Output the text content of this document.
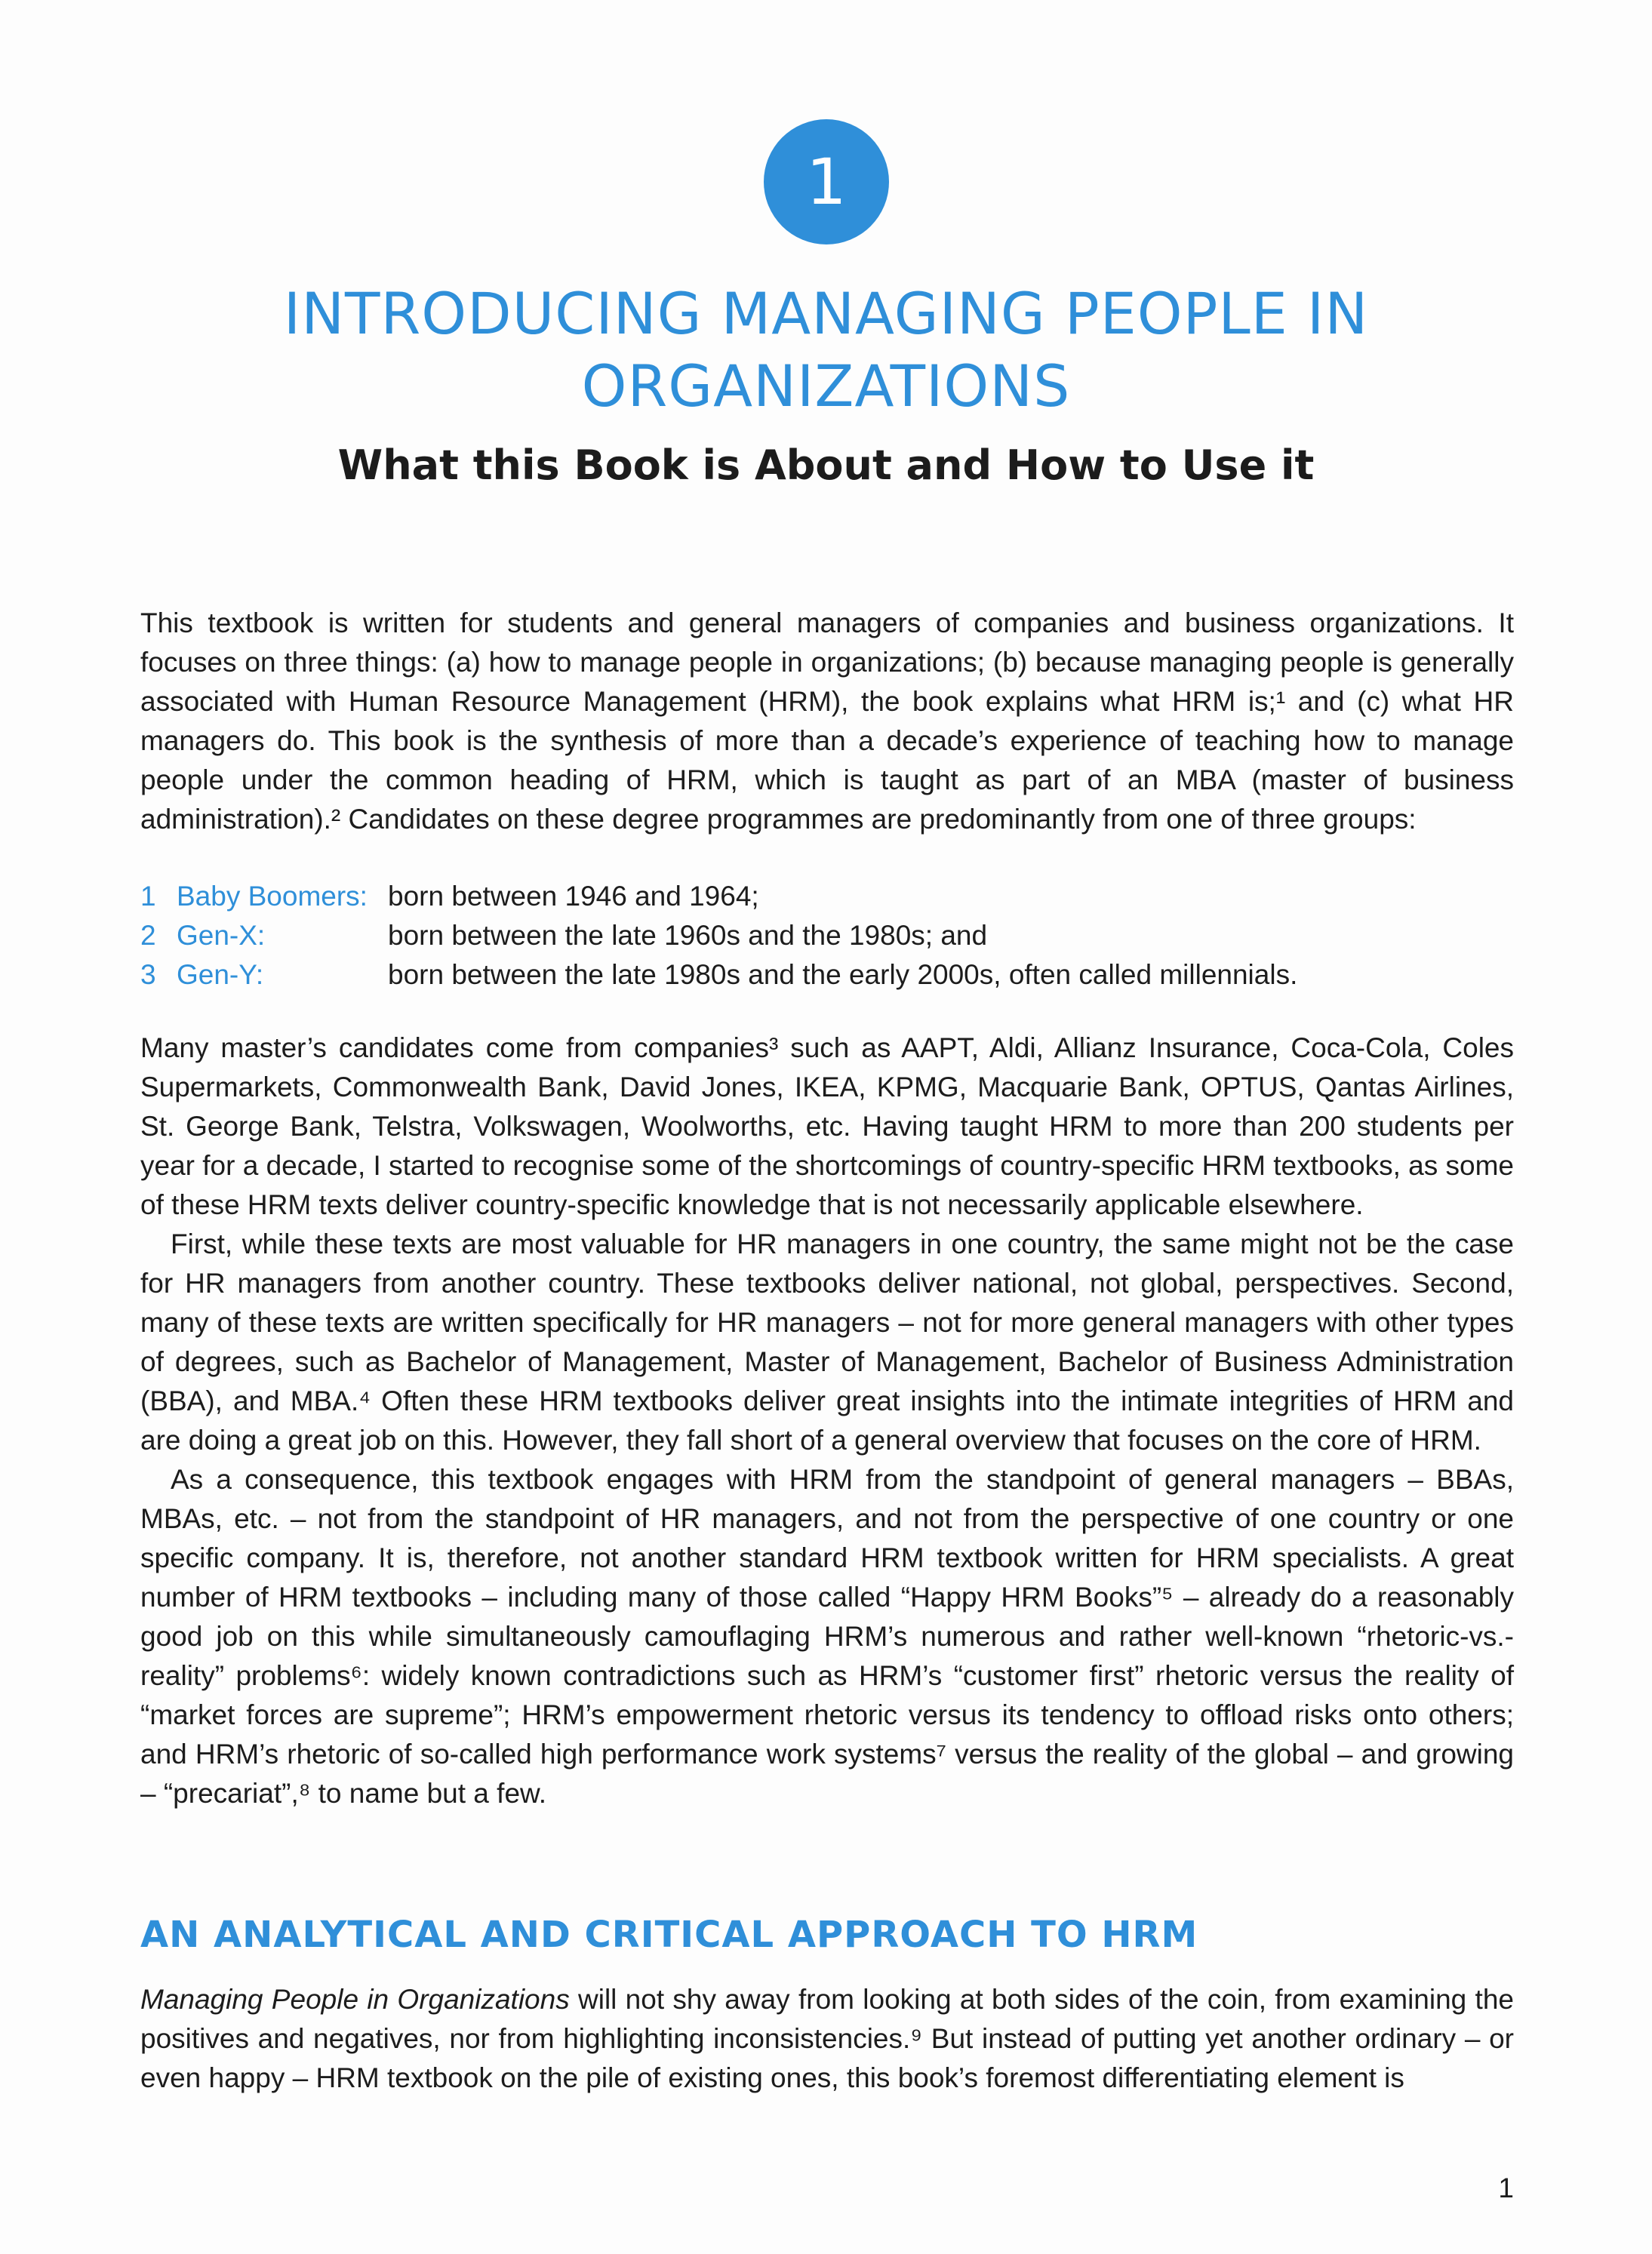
1
INTRODUCING MANAGING PEOPLE IN ORGANIZATIONS
What this Book is About and How to Use it

This textbook is written for students and general managers of companies and business organizations. It focuses on three things: (a) how to manage people in organizations; (b) because managing people is generally associated with Human Resource Management (HRM), the book explains what HRM is;¹ and (c) what HR managers do. This book is the synthesis of more than a decade’s experience of teaching how to manage people under the common heading of HRM, which is taught as part of an MBA (master of business administration).² Candidates on these degree programmes are predominantly from one of three groups:

1 Baby Boomers: born between 1946 and 1964;
2 Gen-X:	born between the late 1960s and the 1980s; and
3 Gen-Y:	born between the late 1980s and the early 2000s, often called millennials.

Many master’s candidates come from companies³ such as AAPT, Aldi, Allianz Insurance, Coca-Cola, Coles Supermarkets, Commonwealth Bank, David Jones, IKEA, KPMG, Macquarie Bank, OPTUS, Qantas Airlines, St. George Bank, Telstra, Volkswagen, Woolworths, etc. Having taught HRM to more than 200 students per year for a decade, I started to recognise some of the shortcomings of country-specific HRM textbooks, as some of these HRM texts deliver country-specific knowledge that is not necessarily applicable elsewhere.

First, while these texts are most valuable for HR managers in one country, the same might not be the case for HR managers from another country. These textbooks deliver national, not global, perspectives. Second, many of these texts are written specifically for HR managers – not for more general managers with other types of degrees, such as Bachelor of Management, Master of Management, Bachelor of Business Administration (BBA), and MBA.⁴ Often these HRM textbooks deliver great insights into the intimate integrities of HRM and are doing a great job on this. However, they fall short of a general overview that focuses on the core of HRM.

As a consequence, this textbook engages with HRM from the standpoint of general managers – BBAs, MBAs, etc. – not from the standpoint of HR managers, and not from the perspective of one country or one specific company. It is, therefore, not another standard HRM textbook written for HRM specialists. A great number of HRM textbooks – including many of those called “Happy HRM Books”⁵ – already do a reasonably good job on this while simultaneously camouflaging HRM’s numerous and rather well-known “rhetoric-vs.-reality” problems⁶: widely known contradictions such as HRM’s “customer first” rhetoric versus the reality of “market forces are supreme”; HRM’s empowerment rhetoric versus its tendency to offload risks onto others; and HRM’s rhetoric of so-called high performance work systems⁷ versus the reality of the global – and growing – “precariat”,⁸ to name but a few.

AN ANALYTICAL AND CRITICAL APPROACH TO HRM

Managing People in Organizations will not shy away from looking at both sides of the coin, from examining the positives and negatives, nor from highlighting inconsistencies.⁹ But instead of putting yet another ordinary – or even happy – HRM textbook on the pile of existing ones, this book’s foremost differentiating element is

1
